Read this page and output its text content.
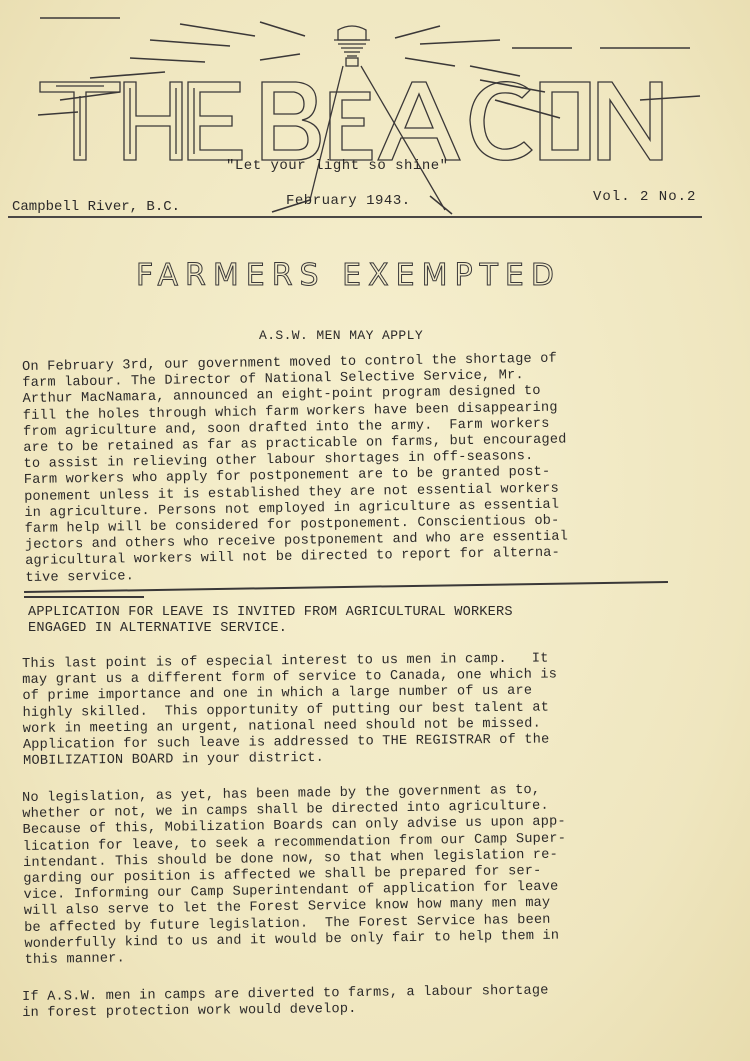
"Let your light so shine"
Campbell River, B.C.	February 1943.	Vol. 2 No.2
FARMERS EXEMPTED
A.S.W. MEN MAY APPLY

On February 3rd, our government moved to control the shortage of
farm labour. The Director of National Selective Service, Mr.
Arthur MacNamara, announced an eight-point program designed to
fill the holes through which farm workers have been disappearing
from agriculture and, soon drafted into the army.  Farm workers
are to be retained as far as practicable on farms, but encouraged
to assist in relieving other labour shortages in off-seasons.
Farm workers who apply for postponement are to be granted post-
ponement unless it is established they are not essential workers
in agriculture. Persons not employed in agriculture as essential
farm help will be considered for postponement. Conscientious ob-
jectors and others who receive postponement and who are essential
agricultural workers will not be directed to report for alterna-
tive service.

APPLICATION FOR LEAVE IS INVITED FROM AGRICULTURAL WORKERS
ENGAGED IN ALTERNATIVE SERVICE.

This last point is of especial interest to us men in camp.   It
may grant us a different form of service to Canada, one which is
of prime importance and one in which a large number of us are
highly skilled.  This opportunity of putting our best talent at
work in meeting an urgent, national need should not be missed.
Application for such leave is addressed to THE REGISTRAR of the
MOBILIZATION BOARD in your district.

No legislation, as yet, has been made by the government as to,
whether or not, we in camps shall be directed into agriculture.
Because of this, Mobilization Boards can only advise us upon app-
lication for leave, to seek a recommendation from our Camp Super-
intendant. This should be done now, so that when legislation re-
garding our position is affected we shall be prepared for ser-
vice. Informing our Camp Superintendant of application for leave
will also serve to let the Forest Service know how many men may
be affected by future legislation.  The Forest Service has been
wonderfully kind to us and it would be only fair to help them in
this manner.

If A.S.W. men in camps are diverted to farms, a labour shortage
in forest protection work would develop.
